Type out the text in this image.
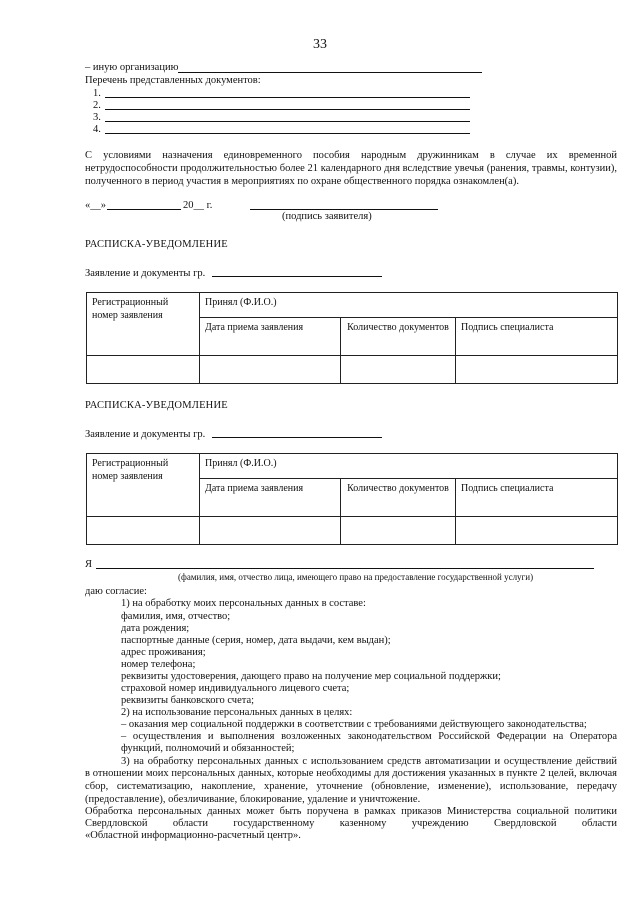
33
– иную организацию
Перечень представленных документов:
1.
2.
3.
4.
С условиями назначения единовременного пособия народным дружинникам в случае их временной нетрудоспособности продолжительностью более 21 календарного дня вследствие увечья (ранения, травмы, контузии), полученного в период участия в мероприятиях по охране общественного порядка ознакомлен(а).
«__»	20__ г.
(подпись заявителя)
РАСПИСКА-УВЕДОМЛЕНИЕ
Заявление и документы гр.
Регистрационный номер заявления	Принял (Ф.И.О.)		
	Дата приема заявления	Количество документов	Подпись специалиста

РАСПИСКА-УВЕДОМЛЕНИЕ
Заявление и документы гр.
Регистрационный номер заявления	Принял (Ф.И.О.)		
	Дата приема заявления	Количество документов	Подпись специалиста

Я
(фамилия, имя, отчество лица, имеющего право на предоставление государственной услуги)
даю согласие:
1) на обработку моих персональных данных в составе:
фамилия, имя, отчество;
дата рождения;
паспортные данные (серия, номер, дата выдачи, кем выдан);
адрес проживания;
номер телефона;
реквизиты удостоверения, дающего право на получение мер социальной поддержки;
страховой номер индивидуального лицевого счета;
реквизиты банковского счета;
2) на использование персональных данных в целях:
– оказания мер социальной поддержки в соответствии с требованиями действующего законодательства;
– осуществления и выполнения возложенных законодательством Российской Федерации на Оператора
функций, полномочий и обязанностей;
3) на обработку персональных данных с использованием средств автоматизации и осуществление действий
в отношении моих персональных данных, которые необходимы для достижения указанных в пункте 2 целей, включая сбор, систематизацию, накопление, хранение, уточнение (обновление, изменение), использование, передачу (предоставление), обезличивание, блокирование, удаление и уничтожение.
Обработка персональных данных может быть поручена в рамках приказов Министерства социальной политики
Свердловской области государственному казенному учреждению Свердловской области
«Областной информационно-расчетный центр».
